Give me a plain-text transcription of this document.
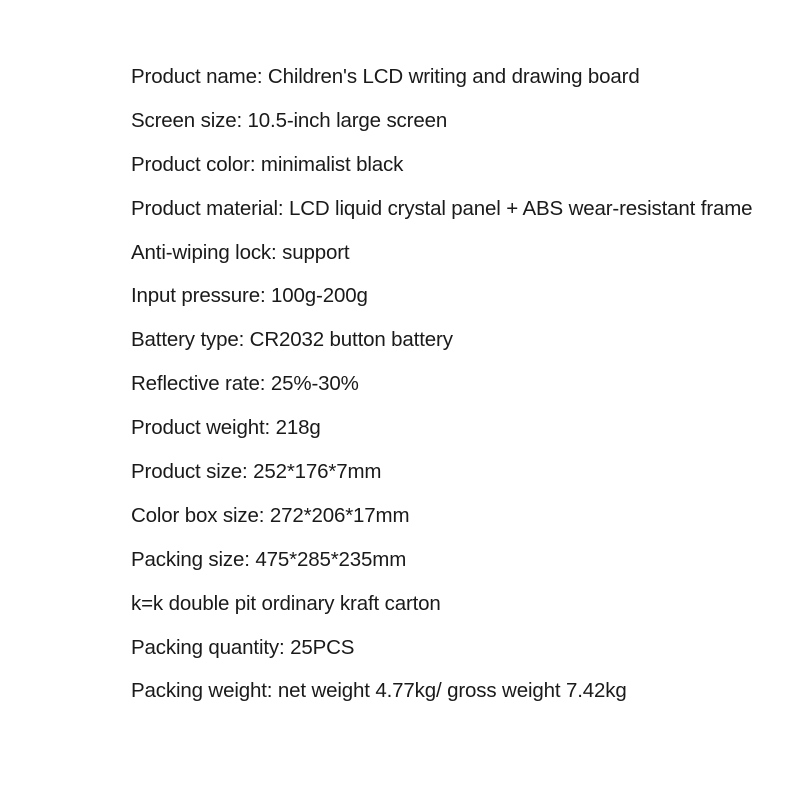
Product name: Children's LCD writing and drawing board
Screen size: 10.5-inch large screen
Product color: minimalist black
Product material: LCD liquid crystal panel + ABS wear-resistant frame
Anti-wiping lock: support
Input pressure: 100g-200g
Battery type: CR2032 button battery
Reflective rate: 25%-30%
Product weight: 218g
Product size: 252*176*7mm
Color box size: 272*206*17mm
Packing size: 475*285*235mm
k=k double pit ordinary kraft carton
Packing quantity: 25PCS
Packing weight: net weight 4.77kg/ gross weight 7.42kg
